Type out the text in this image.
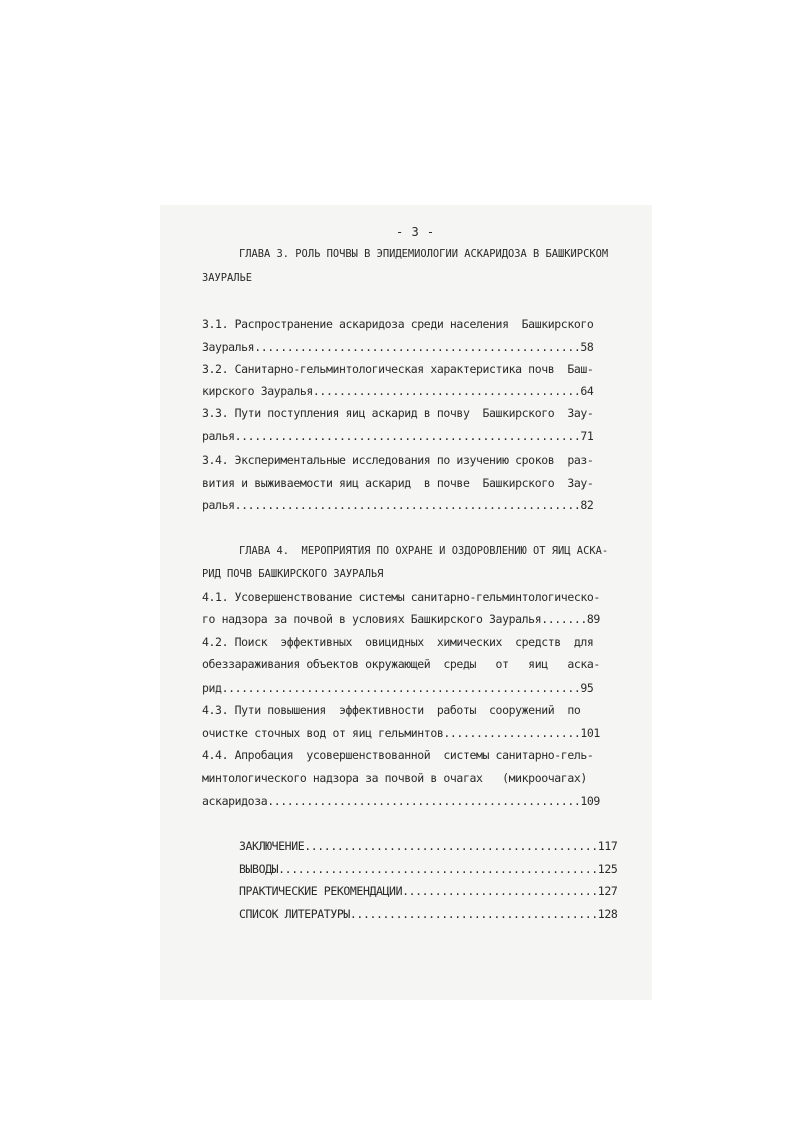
- 3 -
ГЛАВА 3. РОЛЬ ПОЧВЫ В ЭПИДЕМИОЛОГИИ АСКАРИДОЗА В БАШКИРСКОМ
ЗАУРАЛЬЕ
3.1. Распространение аскаридоза среди населения  Башкирского
Зауралья..................................................58
3.2. Санитарно-гельминтологическая характеристика почв  Баш-
кирского Зауралья.........................................64
3.3. Пути поступления яиц аскарид в почву  Башкирского  Зау-
ралья.....................................................71
3.4. Экспериментальные исследования по изучению сроков  раз-
вития и выживаемости яиц аскарид  в почве  Башкирского  Зау-
ралья.....................................................82
ГЛАВА 4.  МЕРОПРИЯТИЯ ПО ОХРАНЕ И ОЗДОРОВЛЕНИЮ ОТ ЯИЦ АСКА-
РИД ПОЧВ БАШКИРСКОГО ЗАУРАЛЬЯ
4.1. Усовершенствование системы санитарно-гельминтологическо-
го надзора за почвой в условиях Башкирского Зауралья.......89
4.2. Поиск  эффективных  овицидных  химических  средств  для
обеззараживания объектов окружающей  среды   от   яиц   аска-
рид.......................................................95
4.3. Пути повышения  эффективности  работы  сооружений  по
очистке сточных вод от яиц гельминтов.....................101
4.4. Апробация  усовершенствованной  системы санитарно-гель-
минтологического надзора за почвой в очагах   (микроочагах)
аскаридоза................................................109
ЗАКЛЮЧЕНИЕ.............................................117
ВЫВОДЫ.................................................125
ПРАКТИЧЕСКИЕ РЕКОМЕНДАЦИИ..............................127
СПИСОК ЛИТЕРАТУРЫ......................................128
